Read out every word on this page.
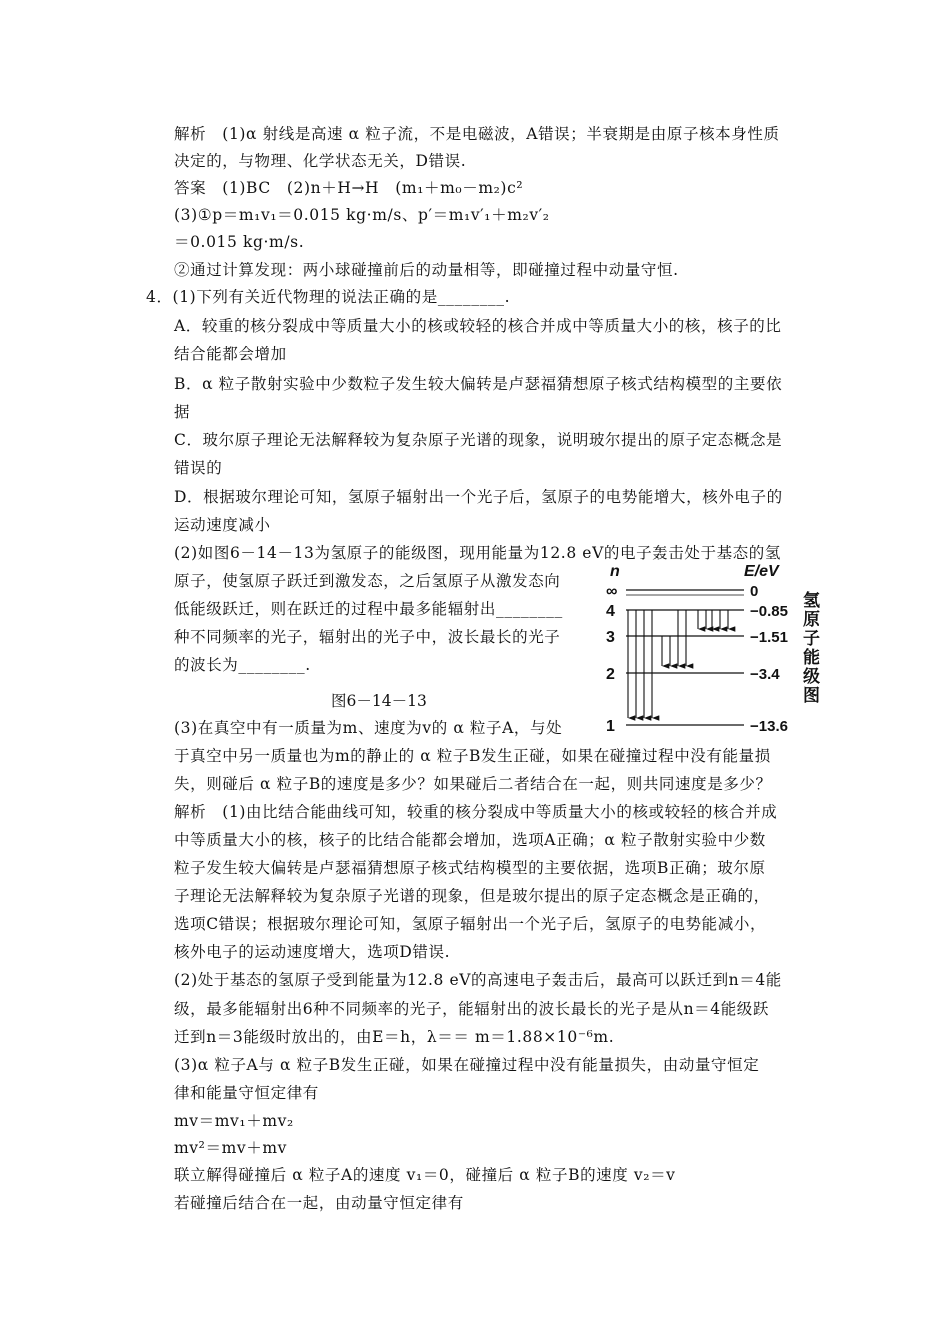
解析　(1)α 射线是高速 α 粒子流，不是电磁波，A错误；半衰期是由原子核本身性质
决定的，与物理、化学状态无关，D错误.
答案　(1)BC　(2)n＋H→H　(m₁＋m₀－m₂)c²
(3)①p＝m₁v₁＝0.015 kg·m/s、p′＝m₁v′₁＋m₂v′₂
＝0.015 kg·m/s.
②通过计算发现：两小球碰撞前后的动量相等，即碰撞过程中动量守恒.
4．(1)下列有关近代物理的说法正确的是________.
A．较重的核分裂成中等质量大小的核或较轻的核合并成中等质量大小的核，核子的比
结合能都会增加
B．α 粒子散射实验中少数粒子发生较大偏转是卢瑟福猜想原子核式结构模型的主要依
据
C．玻尔原子理论无法解释较为复杂原子光谱的现象，说明玻尔提出的原子定态概念是
错误的
D．根据玻尔理论可知，氢原子辐射出一个光子后，氢原子的电势能增大，核外电子的
运动速度减小
(2)如图6－14－13为氢原子的能级图，现用能量为12.8 eV的电子轰击处于基态的氢
原子，使氢原子跃迁到激发态，之后氢原子从激发态向
低能级跃迁，则在跃迁的过程中最多能辐射出________
种不同频率的光子，辐射出的光子中，波长最长的光子
的波长为________.
图6－14－13
n	E/eV
∞	0
4	−0.85
3	−1.51
2	−3.4
1	−13.6
氢
原
子
能
级
图
(3)在真空中有一质量为m、速度为v的 α 粒子A，与处
于真空中另一质量也为m的静止的 α 粒子B发生正碰，如果在碰撞过程中没有能量损
失，则碰后 α 粒子B的速度是多少？如果碰后二者结合在一起，则共同速度是多少？
解析　(1)由比结合能曲线可知，较重的核分裂成中等质量大小的核或较轻的核合并成
中等质量大小的核，核子的比结合能都会增加，选项A正确；α 粒子散射实验中少数
粒子发生较大偏转是卢瑟福猜想原子核式结构模型的主要依据，选项B正确；玻尔原
子理论无法解释较为复杂原子光谱的现象，但是玻尔提出的原子定态概念是正确的，
选项C错误；根据玻尔理论可知，氢原子辐射出一个光子后，氢原子的电势能减小，
核外电子的运动速度增大，选项D错误.
(2)处于基态的氢原子受到能量为12.8 eV的高速电子轰击后，最高可以跃迁到n＝4能
级，最多能辐射出6种不同频率的光子，能辐射出的波长最长的光子是从n＝4能级跃
迁到n＝3能级时放出的，由E＝h，λ＝＝ m＝1.88×10⁻⁶m.
(3)α 粒子A与 α 粒子B发生正碰，如果在碰撞过程中没有能量损失，由动量守恒定
律和能量守恒定律有
mv＝mv₁＋mv₂
mv²＝mv＋mv
联立解得碰撞后 α 粒子A的速度 v₁＝0，碰撞后 α 粒子B的速度 v₂＝v
若碰撞后结合在一起，由动量守恒定律有
